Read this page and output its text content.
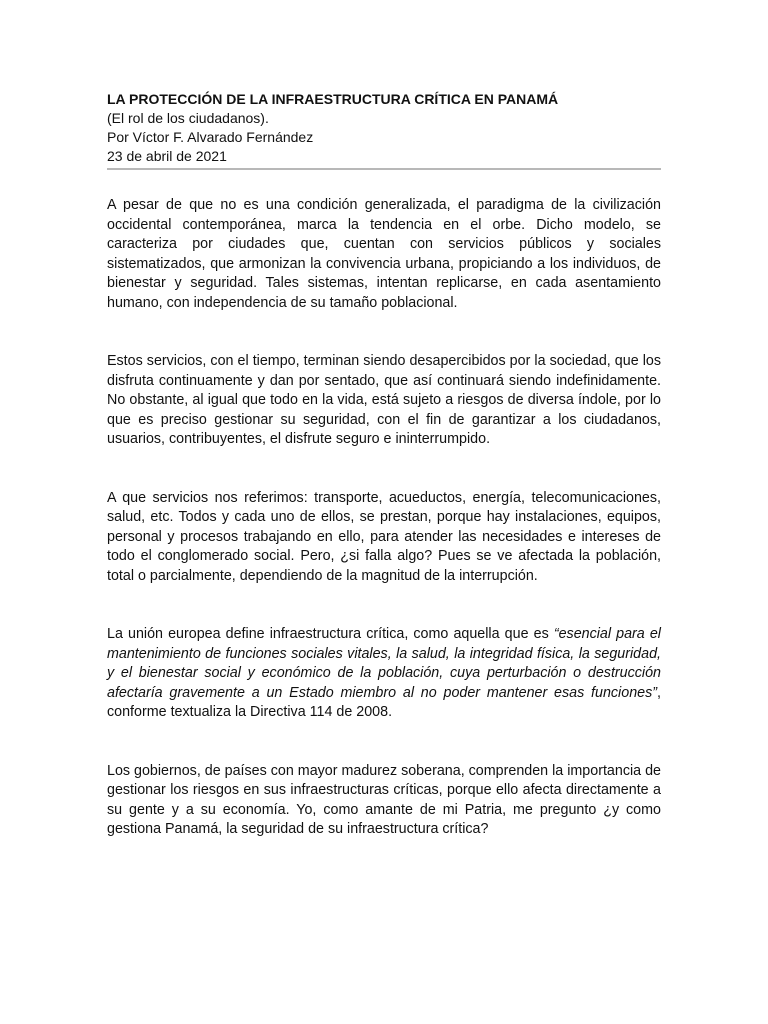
LA PROTECCIÓN DE LA INFRAESTRUCTURA CRÍTICA EN PANAMÁ
(El rol de los ciudadanos).
Por Víctor F. Alvarado Fernández
23 de abril de 2021

A pesar de que no es una condición generalizada, el paradigma de la civilización occidental contemporánea, marca la tendencia en el orbe. Dicho modelo, se caracteriza por ciudades que, cuentan con servicios públicos y sociales sistematizados, que armonizan la convivencia urbana, propiciando a los individuos, de bienestar y seguridad. Tales sistemas, intentan replicarse, en cada asentamiento humano, con independencia de su tamaño poblacional.

Estos servicios, con el tiempo, terminan siendo desapercibidos por la sociedad, que los disfruta continuamente y dan por sentado, que así continuará siendo indefinidamente. No obstante, al igual que todo en la vida, está sujeto a riesgos de diversa índole, por lo que es preciso gestionar su seguridad, con el fin de garantizar a los ciudadanos, usuarios, contribuyentes, el disfrute seguro e ininterrumpido.

A que servicios nos referimos: transporte, acueductos, energía, telecomunicaciones, salud, etc. Todos y cada uno de ellos, se prestan, porque hay instalaciones, equipos, personal y procesos trabajando en ello, para atender las necesidades e intereses de todo el conglomerado social. Pero, ¿si falla algo? Pues se ve afectada la población, total o parcialmente, dependiendo de la magnitud de la interrupción.

La unión europea define infraestructura crítica, como aquella que es “esencial para el mantenimiento de funciones sociales vitales, la salud, la integridad física, la seguridad, y el bienestar social y económico de la población, cuya perturbación o destrucción afectaría gravemente a un Estado miembro al no poder mantener esas funciones”, conforme textualiza la Directiva 114 de 2008.

Los gobiernos, de países con mayor madurez soberana, comprenden la importancia de gestionar los riesgos en sus infraestructuras críticas, porque ello afecta directamente a su gente y a su economía. Yo, como amante de mi Patria, me pregunto ¿y como gestiona Panamá, la seguridad de su infraestructura crítica?
